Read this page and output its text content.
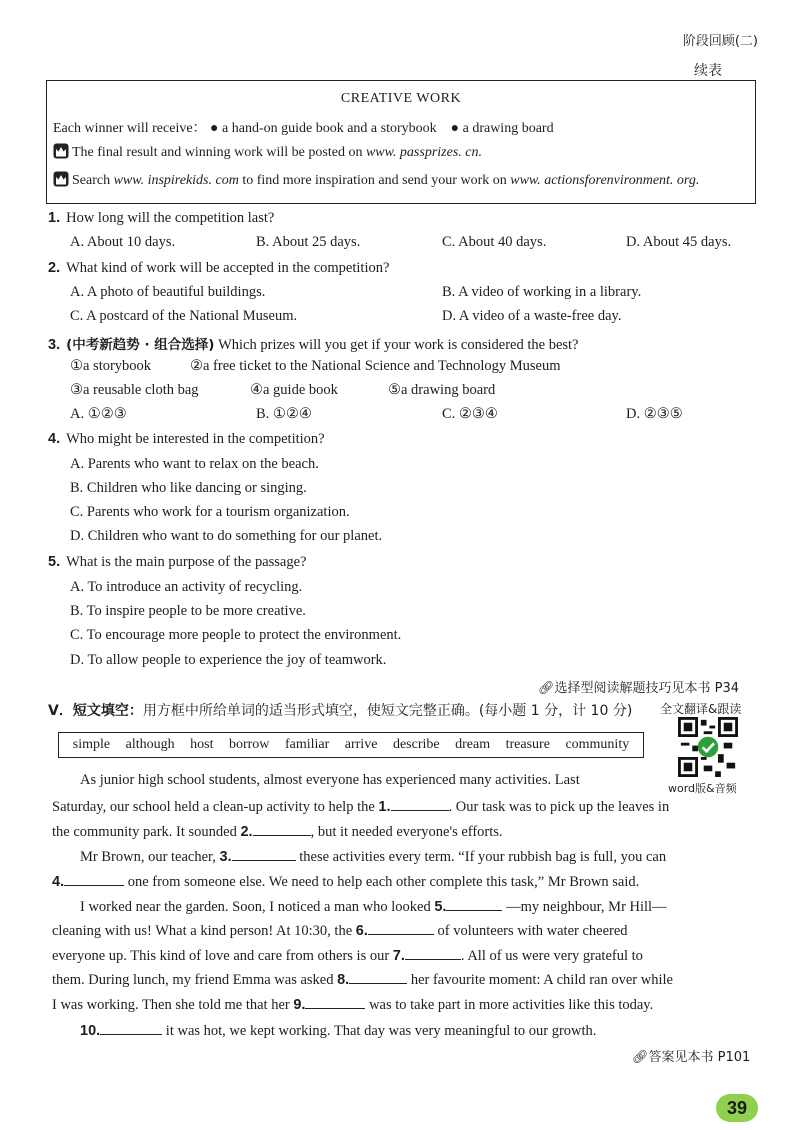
阶段回顾(二)
续表
CREATIVE WORK
Each winner will receive： ● a hand-on guide book and a storybook ● a drawing board
The final result and winning work will be posted on www. passprizes. cn.
Search www. inspirekids. com to find more inspiration and send your work on www. actionsforenvironment. org.
1. How long will the competition last?
A. About 10 days.	B. About 25 days.	C. About 40 days.	D. About 45 days.
2. What kind of work will be accepted in the competition?
A. A photo of beautiful buildings.	B. A video of working in a library.
C. A postcard of the National Museum.	D. A video of a waste-free day.
3. (中考新趋势 · 组合选择) Which prizes will you get if your work is considered the best?
①a storybook	②a free ticket to the National Science and Technology Museum
③a reusable cloth bag	④a guide book	⑤a drawing board
A. ①②③	B. ①②④	C. ②③④	D. ②③⑤
4. Who might be interested in the competition?
A. Parents who want to relax on the beach.
B. Children who like dancing or singing.
C. Parents who work for a tourism organization.
D. Children who want to do something for our planet.
5. What is the main purpose of the passage?
A. To introduce an activity of recycling.
B. To inspire people to be more creative.
C. To encourage more people to protect the environment.
D. To allow people to experience the joy of teamwork.
🔗︎选择型阅读解题技巧见本书 P34
V．短文填空：用方框中所给单词的适当形式填空，使短文完整正确。(每小题 1 分，计 10 分) 全文翻译&跟读
word版&音频
simple although host borrow familiar arrive describe dream treasure community
As junior high school students, almost everyone has experienced many activities. Last
Saturday, our school held a clean-up activity to help the 1.	. Our task was to pick up the leaves in
the community park. It sounded 2.	, but it needed everyone's efforts.
Mr Brown, our teacher, 3.	these activities every term. “If your rubbish bag is full, you can
4.	one from someone else. We need to help each other complete this task,” Mr Brown said.
I worked near the garden. Soon, I noticed a man who looked 5.	—my neighbour, Mr Hill—
cleaning with us! What a kind person! At 10:30, the 6.	of volunteers with water cheered
everyone up. This kind of love and care from others is our 7.	. All of us were very grateful to
them. During lunch, my friend Emma was asked 8.	her favourite moment: A child ran over while
I was working. Then she told me that her 9.	was to take part in more activities like this today.
10.	it was hot, we kept working. That day was very meaningful to our growth.
🔗︎答案见本书 P101
39
